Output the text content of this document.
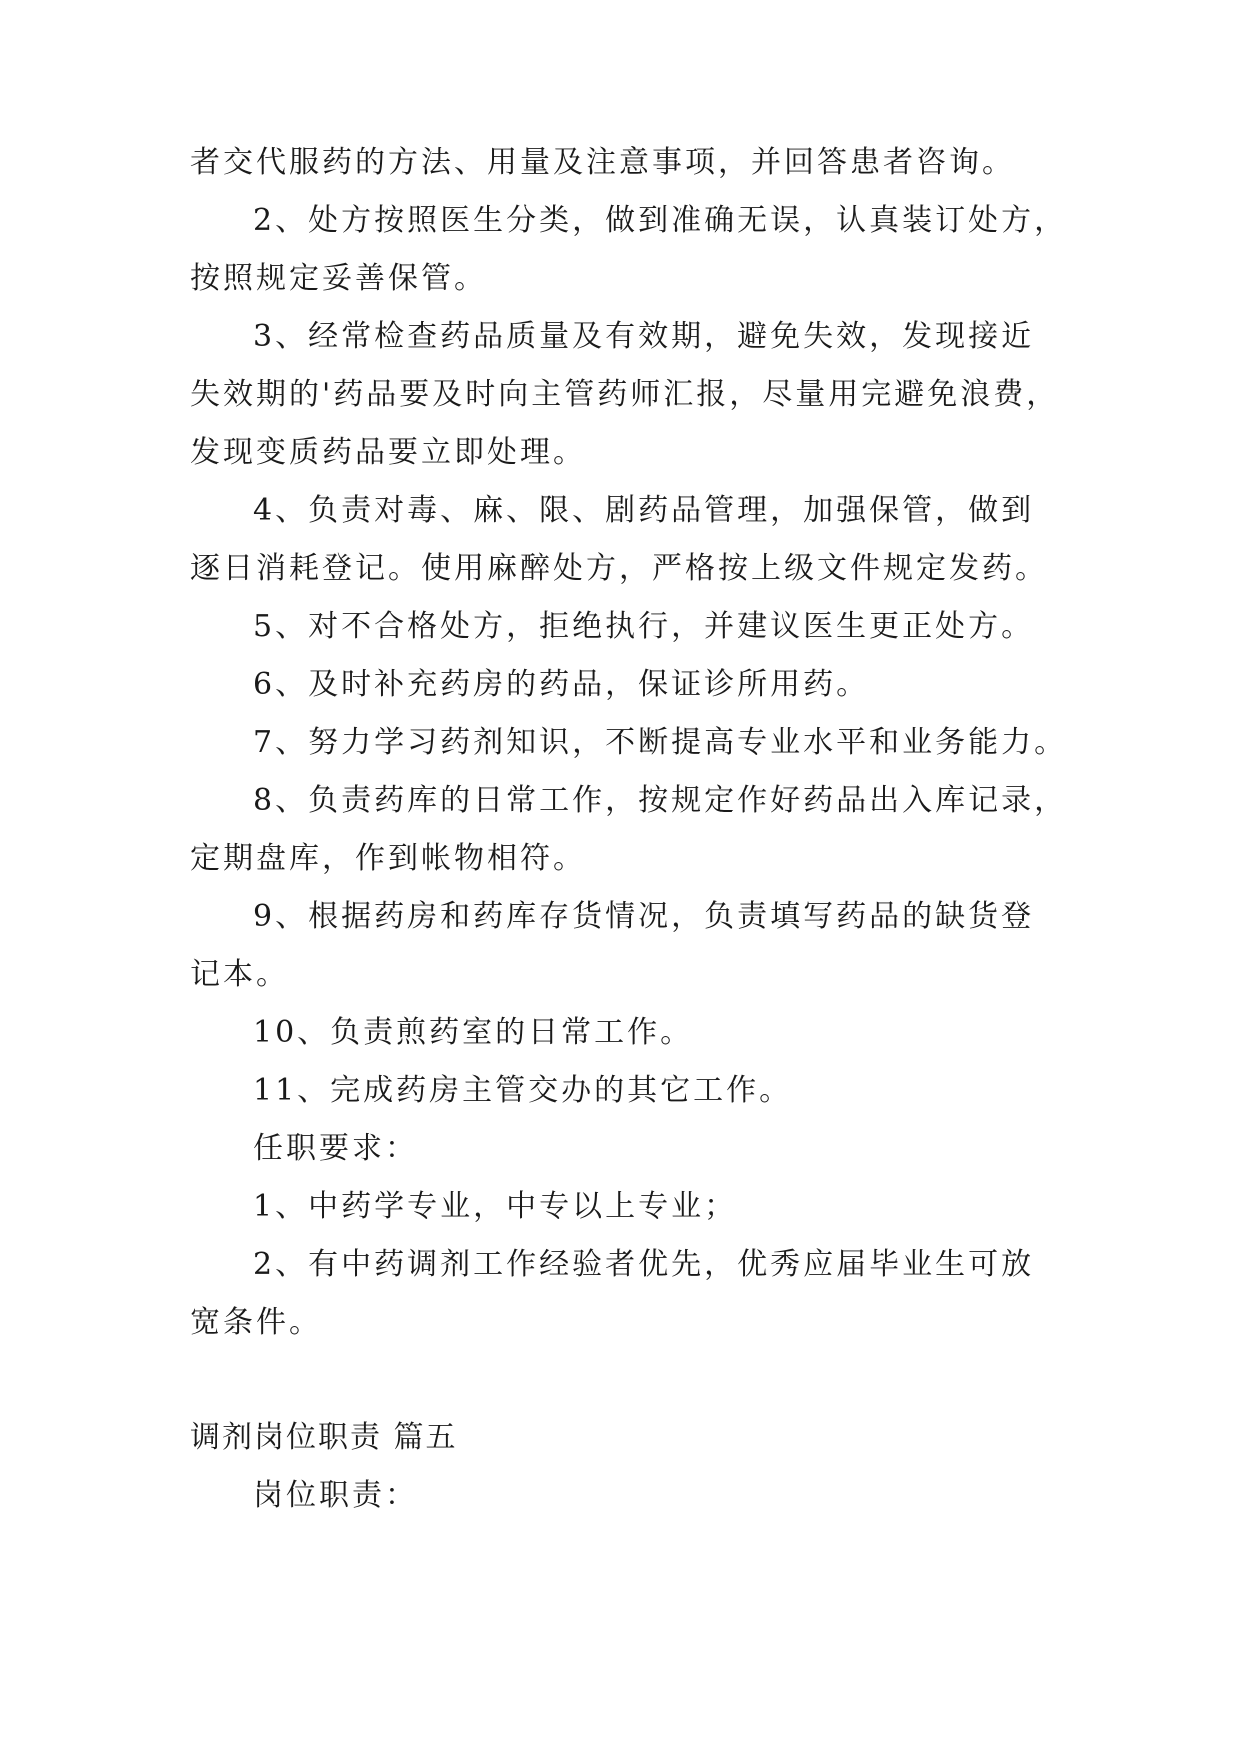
者交代服药的方法、用量及注意事项，并回答患者咨询。
2、处方按照医生分类，做到准确无误，认真装订处方，
按照规定妥善保管。
3、经常检查药品质量及有效期，避免失效，发现接近
失效期的'药品要及时向主管药师汇报，尽量用完避免浪费，
发现变质药品要立即处理。
4、负责对毒、麻、限、剧药品管理，加强保管，做到
逐日消耗登记。使用麻醉处方，严格按上级文件规定发药。
5、对不合格处方，拒绝执行，并建议医生更正处方。
6、及时补充药房的药品，保证诊所用药。
7、努力学习药剂知识，不断提高专业水平和业务能力。
8、负责药库的日常工作，按规定作好药品出入库记录，
定期盘库，作到帐物相符。
9、根据药房和药库存货情况，负责填写药品的缺货登
记本。
10、负责煎药室的日常工作。
11、完成药房主管交办的其它工作。
任职要求：
1、中药学专业，中专以上专业；
2、有中药调剂工作经验者优先，优秀应届毕业生可放
宽条件。
调剂岗位职责 篇五
岗位职责：
